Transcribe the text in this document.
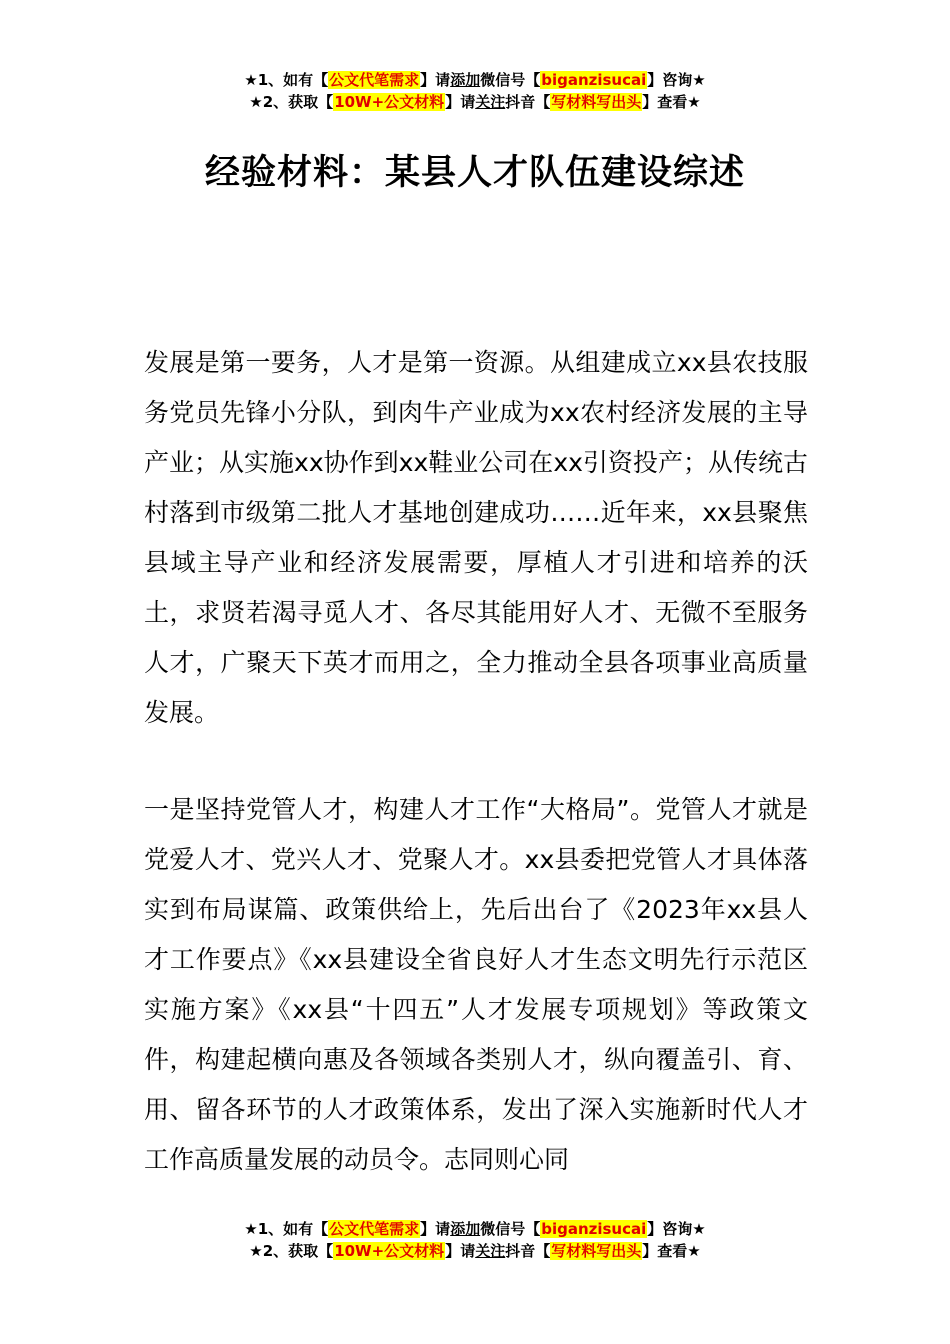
★1、如有【公文代笔需求】请添加微信号【biganzisucai】咨询★
★2、获取【10W+公文材料】请关注抖音【写材料写出头】查看★
经验材料：某县人才队伍建设综述

发展是第一要务，人才是第一资源。从组建成立xx县农技服务党员先锋小分队，到肉牛产业成为xx农村经济发展的主导产业；从实施xx协作到xx鞋业公司在xx引资投产；从传统古村落到市级第二批人才基地创建成功……近年来，xx县聚焦县域主导产业和经济发展需要，厚植人才引进和培养的沃土，求贤若渴寻觅人才、各尽其能用好人才、无微不至服务人才，广聚天下英才而用之，全力推动全县各项事业高质量发展。

一是坚持党管人才，构建人才工作“大格局”。党管人才就是党爱人才、党兴人才、党聚人才。xx县委把党管人才具体落实到布局谋篇、政策供给上，先后出台了《2023年xx县人才工作要点》《xx县建设全省良好人才生态文明先行示范区实施方案》《xx县“十四五”人才发展专项规划》等政策文件，构建起横向惠及各领域各类别人才，纵向覆盖引、育、用、留各环节的人才政策体系，发出了深入实施新时代人才工作高质量发展的动员令。志同则心同

★1、如有【公文代笔需求】请添加微信号【biganzisucai】咨询★
★2、获取【10W+公文材料】请关注抖音【写材料写出头】查看★
